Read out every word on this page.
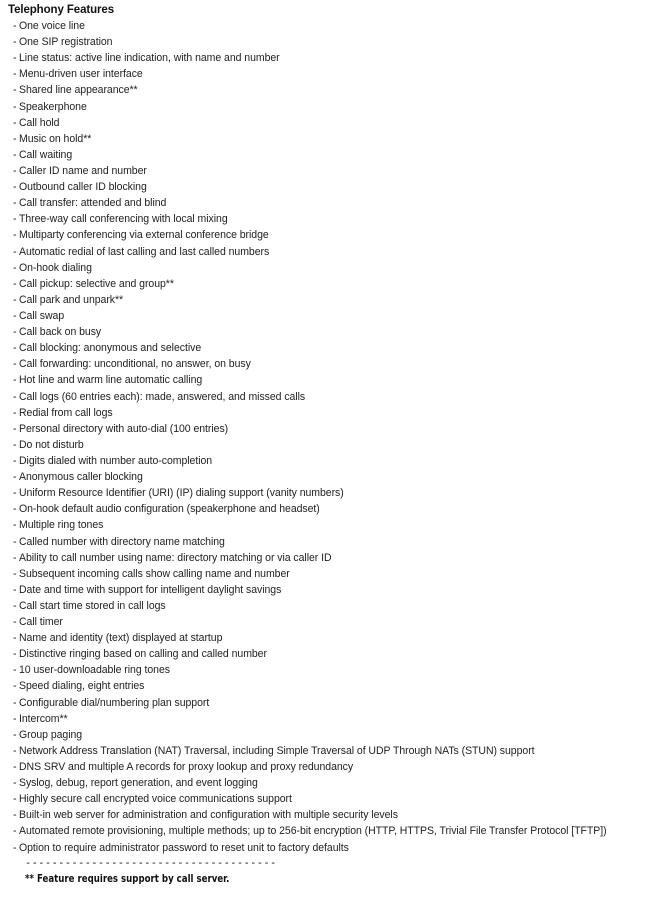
Telephony Features
- One voice line
- One SIP registration
- Line status: active line indication, with name and number
- Menu-driven user interface
- Shared line appearance**
- Speakerphone
- Call hold
- Music on hold**
- Call waiting
- Caller ID name and number
- Outbound caller ID blocking
- Call transfer: attended and blind
- Three-way call conferencing with local mixing
- Multiparty conferencing via external conference bridge
- Automatic redial of last calling and last called numbers
- On-hook dialing
- Call pickup: selective and group**
- Call park and unpark**
- Call swap
- Call back on busy
- Call blocking: anonymous and selective
- Call forwarding: unconditional, no answer, on busy
- Hot line and warm line automatic calling
- Call logs (60 entries each): made, answered, and missed calls
- Redial from call logs
- Personal directory with auto-dial (100 entries)
- Do not disturb
- Digits dialed with number auto-completion
- Anonymous caller blocking
- Uniform Resource Identifier (URI) (IP) dialing support (vanity numbers)
- On-hook default audio configuration (speakerphone and headset)
- Multiple ring tones
- Called number with directory name matching
- Ability to call number using name: directory matching or via caller ID
- Subsequent incoming calls show calling name and number
- Date and time with support for intelligent daylight savings
- Call start time stored in call logs
- Call timer
- Name and identity (text) displayed at startup
- Distinctive ringing based on calling and called number
- 10 user-downloadable ring tones
- Speed dialing, eight entries
- Configurable dial/numbering plan support
- Intercom**
- Group paging
- Network Address Translation (NAT) Traversal, including Simple Traversal of UDP Through NATs (STUN) support
- DNS SRV and multiple A records for proxy lookup and proxy redundancy
- Syslog, debug, report generation, and event logging
- Highly secure call encrypted voice communications support
- Built-in web server for administration and configuration with multiple security levels
- Automated remote provisioning, multiple methods; up to 256-bit encryption (HTTP, HTTPS, Trivial File Transfer Protocol [TFTP])
- Option to require administrator password to reset unit to factory defaults
--------------------------------------
** Feature requires support by call server.
